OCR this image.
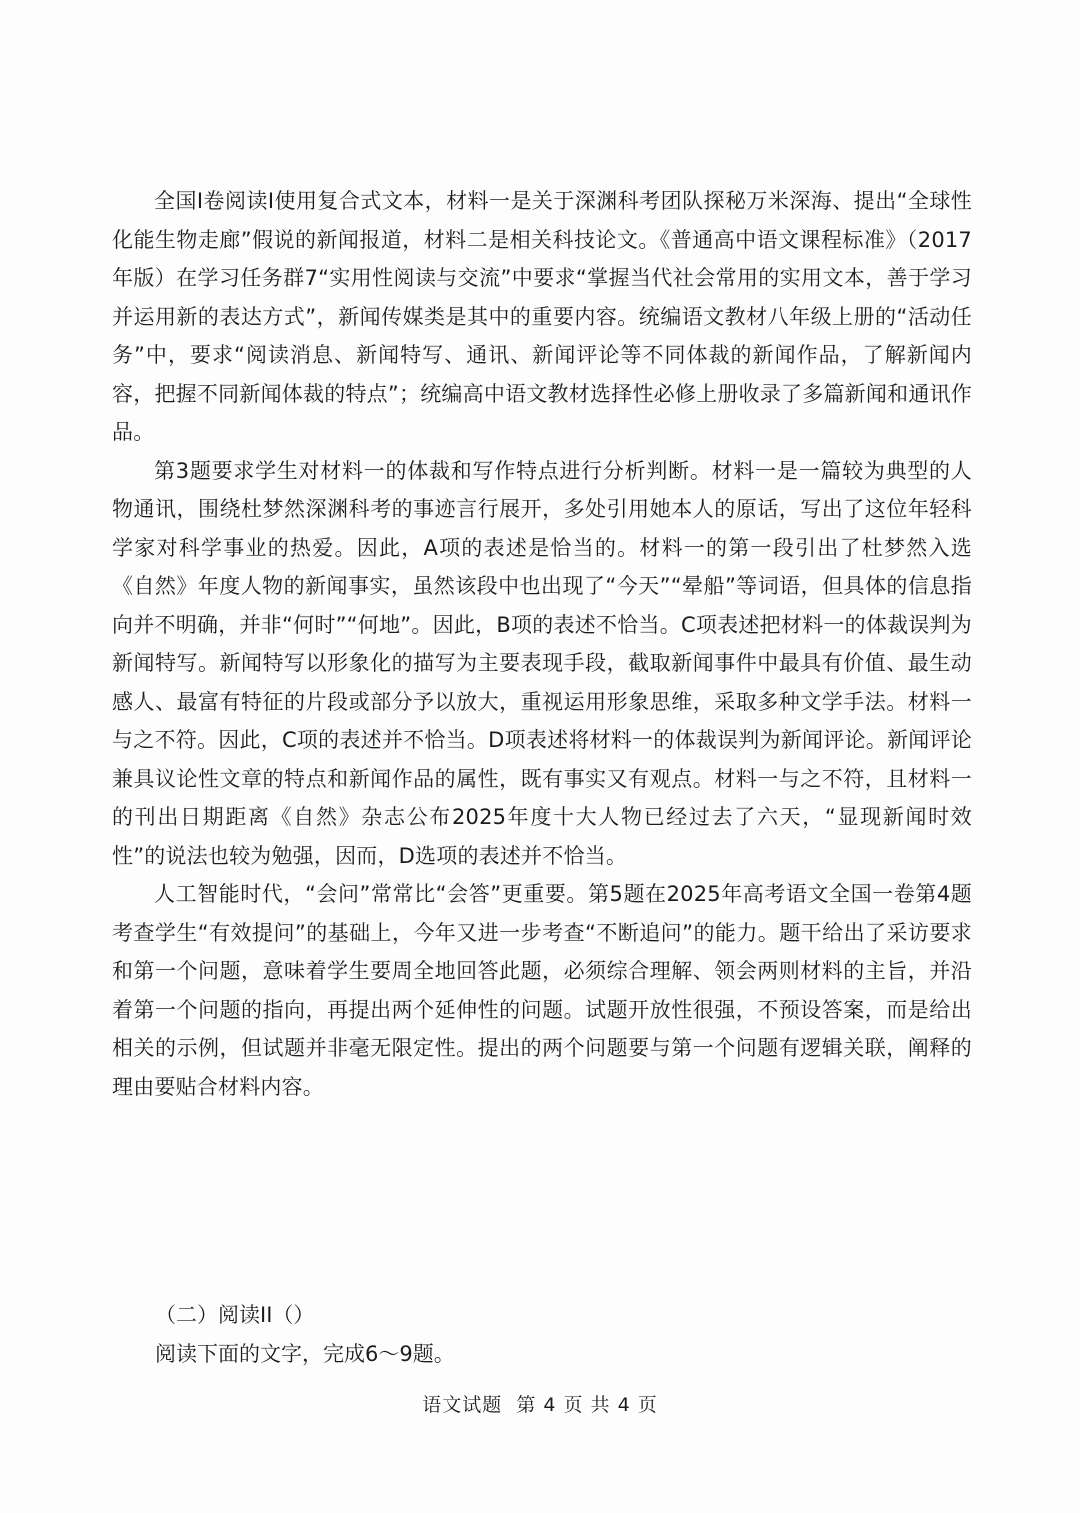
全国Ⅰ卷阅读Ⅰ使用复合式文本，材料一是关于深渊科考团队探秘万米深海、提出“全球性化能生物走廊”假说的新闻报道，材料二是相关科技论文。《普通高中语文课程标准》（2017年版）在学习任务群7“实用性阅读与交流”中要求“掌握当代社会常用的实用文本，善于学习并运用新的表达方式”，新闻传媒类是其中的重要内容。统编语文教材八年级上册的“活动任务”中，要求“阅读消息、新闻特写、通讯、新闻评论等不同体裁的新闻作品，了解新闻内容，把握不同新闻体裁的特点”；统编高中语文教材选择性必修上册收录了多篇新闻和通讯作品。

第3题要求学生对材料一的体裁和写作特点进行分析判断。材料一是一篇较为典型的人物通讯，围绕杜梦然深渊科考的事迹言行展开，多处引用她本人的原话，写出了这位年轻科学家对科学事业的热爱。因此，A项的表述是恰当的。材料一的第一段引出了杜梦然入选《自然》年度人物的新闻事实，虽然该段中也出现了“今天”“晕船”等词语，但具体的信息指向并不明确，并非“何时”“何地”。因此，B项的表述不恰当。C项表述把材料一的体裁误判为新闻特写。新闻特写以形象化的描写为主要表现手段，截取新闻事件中最具有价值、最生动感人、最富有特征的片段或部分予以放大，重视运用形象思维，采取多种文学手法。材料一与之不符。因此，C项的表述并不恰当。D项表述将材料一的体裁误判为新闻评论。新闻评论兼具议论性文章的特点和新闻作品的属性，既有事实又有观点。材料一与之不符，且材料一的刊出日期距离《自然》杂志公布2025年度十大人物已经过去了六天，“显现新闻时效性”的说法也较为勉强，因而，D选项的表述并不恰当。

人工智能时代，“会问”常常比“会答”更重要。第5题在2025年高考语文全国一卷第4题考查学生“有效提问”的基础上，今年又进一步考查“不断追问”的能力。题干给出了采访要求和第一个问题，意味着学生要周全地回答此题，必须综合理解、领会两则材料的主旨，并沿着第一个问题的指向，再提出两个延伸性的问题。试题开放性很强，不预设答案，而是给出相关的示例，但试题并非毫无限定性。提出的两个问题要与第一个问题有逻辑关联，阐释的理由要贴合材料内容。

（二）阅读II（）
阅读下面的文字，完成6～9题。
语文试题  第 4 页 共 4 页
